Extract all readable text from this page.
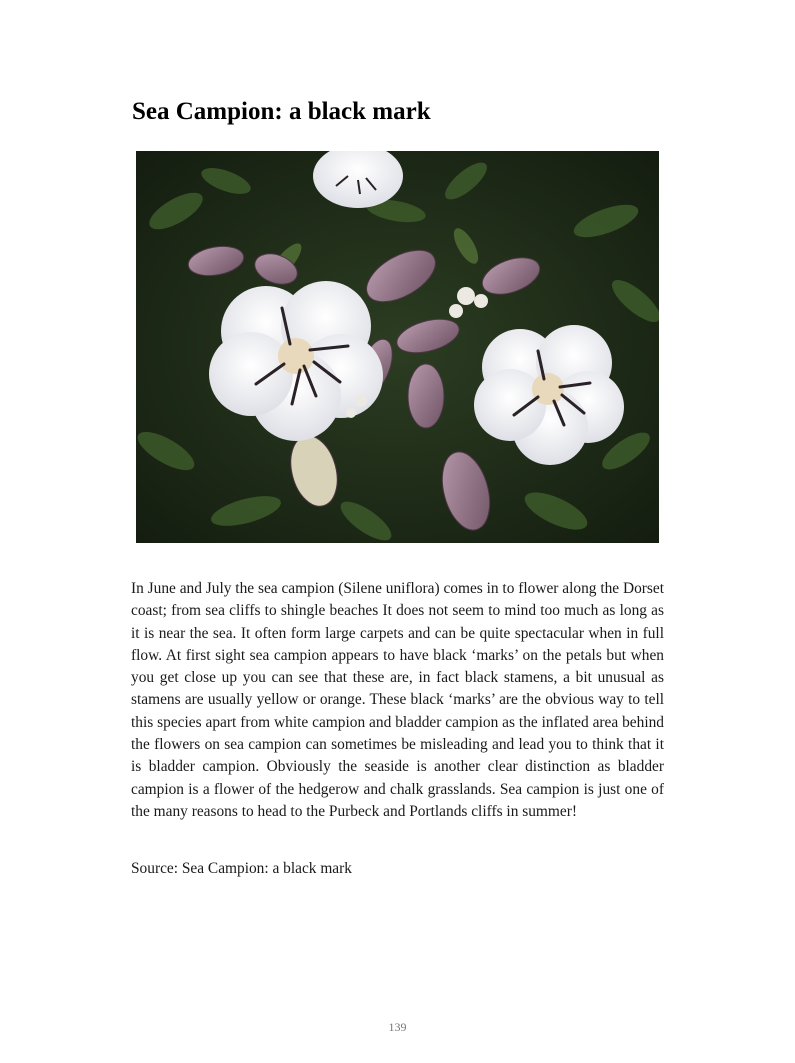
Sea Campion: a black mark

In June and July the sea campion (Silene uniflora) comes in to flower along the Dorset coast; from sea cliffs to shingle beaches It does not seem to mind too much as long as it is near the sea. It often form large carpets and can be quite spectacular when in full flow. At first sight sea campion appears to have black ‘marks’ on the petals but when you get close up you can see that these are, in fact black stamens, a bit unusual as stamens are usually yellow or orange. These black ‘marks’ are the obvious way to tell this species apart from white campion and bladder campion as the inflated area behind the flowers on sea campion can sometimes be misleading and lead you to think that it is bladder campion. Obviously the seaside is another clear distinction as bladder campion is a flower of the hedgerow and chalk grasslands. Sea campion is just one of the many reasons to head to the Purbeck and Portlands cliffs in summer!

Source: Sea Campion: a black mark

139
